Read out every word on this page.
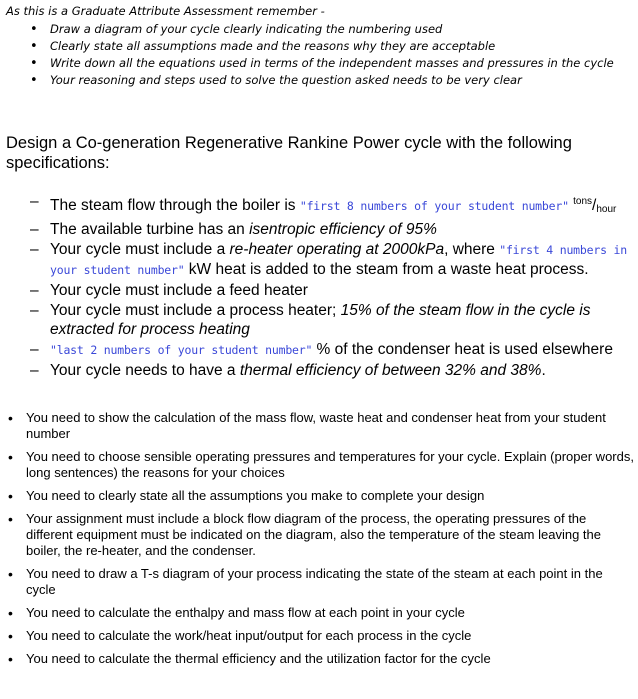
As this is a Graduate Attribute Assessment remember -
• Draw a diagram of your cycle clearly indicating the numbering used
• Clearly state all assumptions made and the reasons why they are acceptable
• Write down all the equations used in terms of the independent masses and pressures in the cycle
• Your reasoning and steps used to solve the question asked needs to be very clear
Design a Co-generation Regenerative Rankine Power cycle with the following specifications:
– The steam flow through the boiler is "first 8 numbers of your student number" $^{tons}/_{hour}$
– The available turbine has an isentropic efficiency of 95%
– Your cycle must include a re-heater operating at 2000kPa, where "first 4 numbers in your student number" kW heat is added to the steam from a waste heat process.
– Your cycle must include a feed heater
– Your cycle must include a process heater; 15% of the steam flow in the cycle is extracted for process heating
– "last 2 numbers of your student number" % of the condenser heat is used elsewhere
– Your cycle needs to have a thermal efficiency of between 32% and 38%.
• You need to show the calculation of the mass flow, waste heat and condenser heat from your student number
• You need to choose sensible operating pressures and temperatures for your cycle. Explain (proper words, long sentences) the reasons for your choices
• You need to clearly state all the assumptions you make to complete your design
• Your assignment must include a block flow diagram of the process, the operating pressures of the different equipment must be indicated on the diagram, also the temperature of the steam leaving the boiler, the re-heater, and the condenser.
• You need to draw a T-s diagram of your process indicating the state of the steam at each point in the cycle
• You need to calculate the enthalpy and mass flow at each point in your cycle
• You need to calculate the work/heat input/output for each process in the cycle
• You need to calculate the thermal efficiency and the utilization factor for the cycle
